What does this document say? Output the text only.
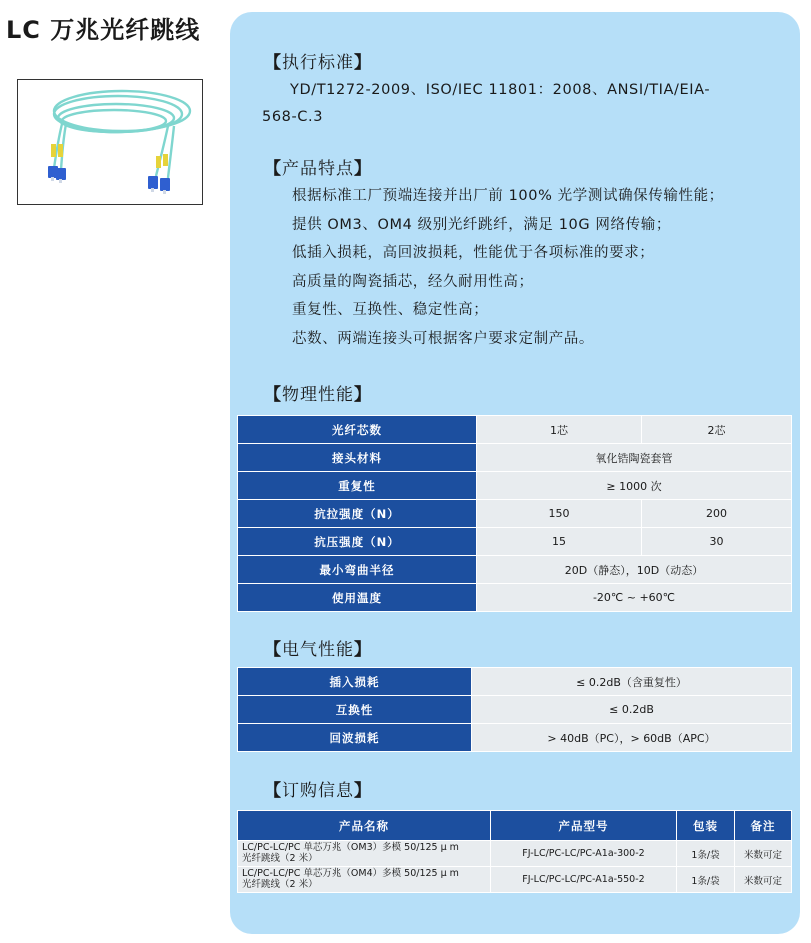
LC 万兆光纤跳线
【执行标准】

YD/T1272-2009、ISO/IEC 11801：2008、ANSI/TIA/EIA-
568-C.3

【产品特点】
根据标准工厂预端连接并出厂前 100% 光学测试确保传输性能；
提供 OM3、OM4 级别光纤跳纤，满足 10G 网络传输；
低插入损耗，高回波损耗，性能优于各项标准的要求；
高质量的陶瓷插芯，经久耐用性高；
重复性、互换性、稳定性高；
芯数、两端连接头可根据客户要求定制产品。
【物理性能】
光纤芯数	1芯	2芯
接头材料	氧化锆陶瓷套管	
重复性	≥ 1000 次	
抗拉强度（N）	150	200
抗压强度（N）	15	30
最小弯曲半径	20D（静态），10D（动态）	
使用温度	-20℃ ~ +60℃	
【电气性能】
插入损耗	≤ 0.2dB（含重复性）
互换性	≤ 0.2dB
回波损耗	> 40dB（PC），> 60dB（APC）
【订购信息】
产品名称	产品型号	包装	备注
LC/PC-LC/PC 单芯万兆（OM3）多模 50/125 μ m
光纤跳线（2 米）	FJ-LC/PC-LC/PC-A1a-300-2	1条/袋	米数可定
LC/PC-LC/PC 单芯万兆（OM4）多模 50/125 μ m
光纤跳线（2 米）	FJ-LC/PC-LC/PC-A1a-550-2	1条/袋	米数可定
